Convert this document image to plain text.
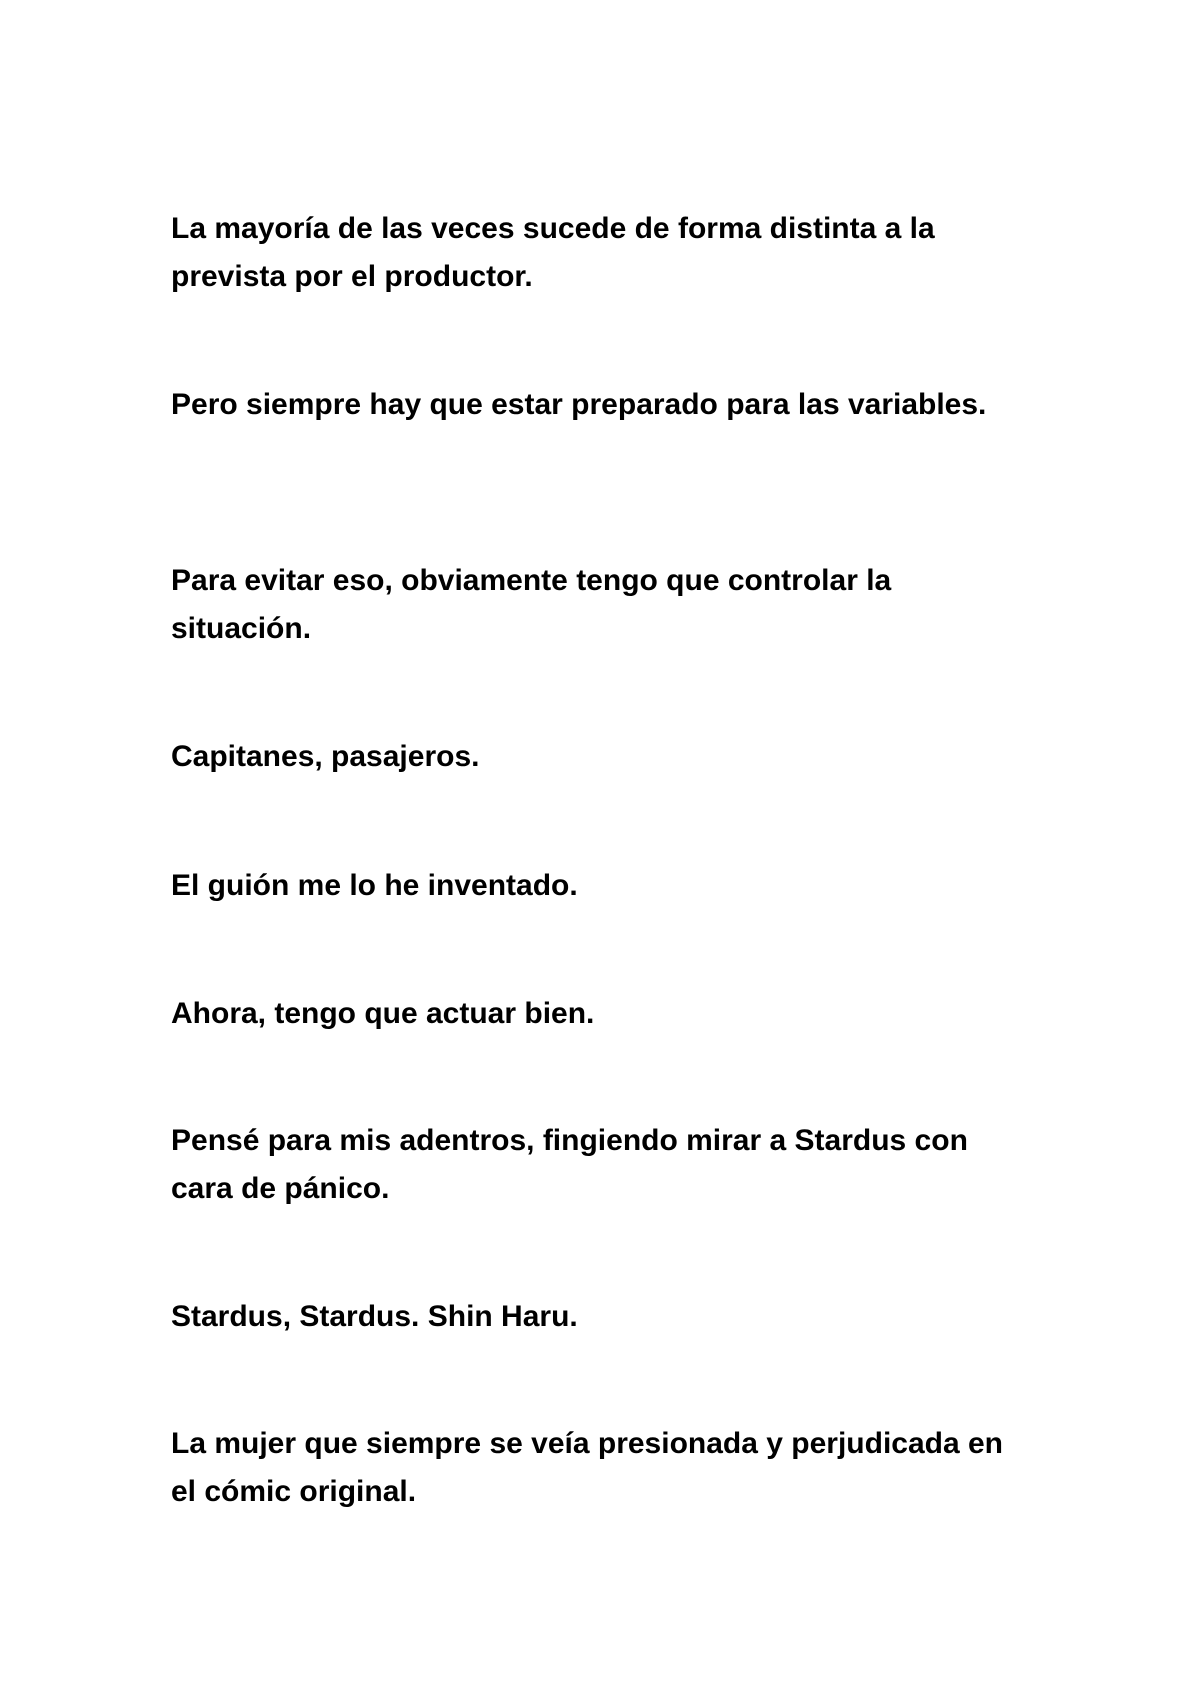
La mayoría de las veces sucede de forma distinta a la prevista por el productor.

Pero siempre hay que estar preparado para las variables.

Para evitar eso, obviamente tengo que controlar la situación.

Capitanes, pasajeros.

El guión me lo he inventado.

Ahora, tengo que actuar bien.

Pensé para mis adentros, fingiendo mirar a Stardus con cara de pánico.

Stardus, Stardus. Shin Haru.

La mujer que siempre se veía presionada y perjudicada en el cómic original.
